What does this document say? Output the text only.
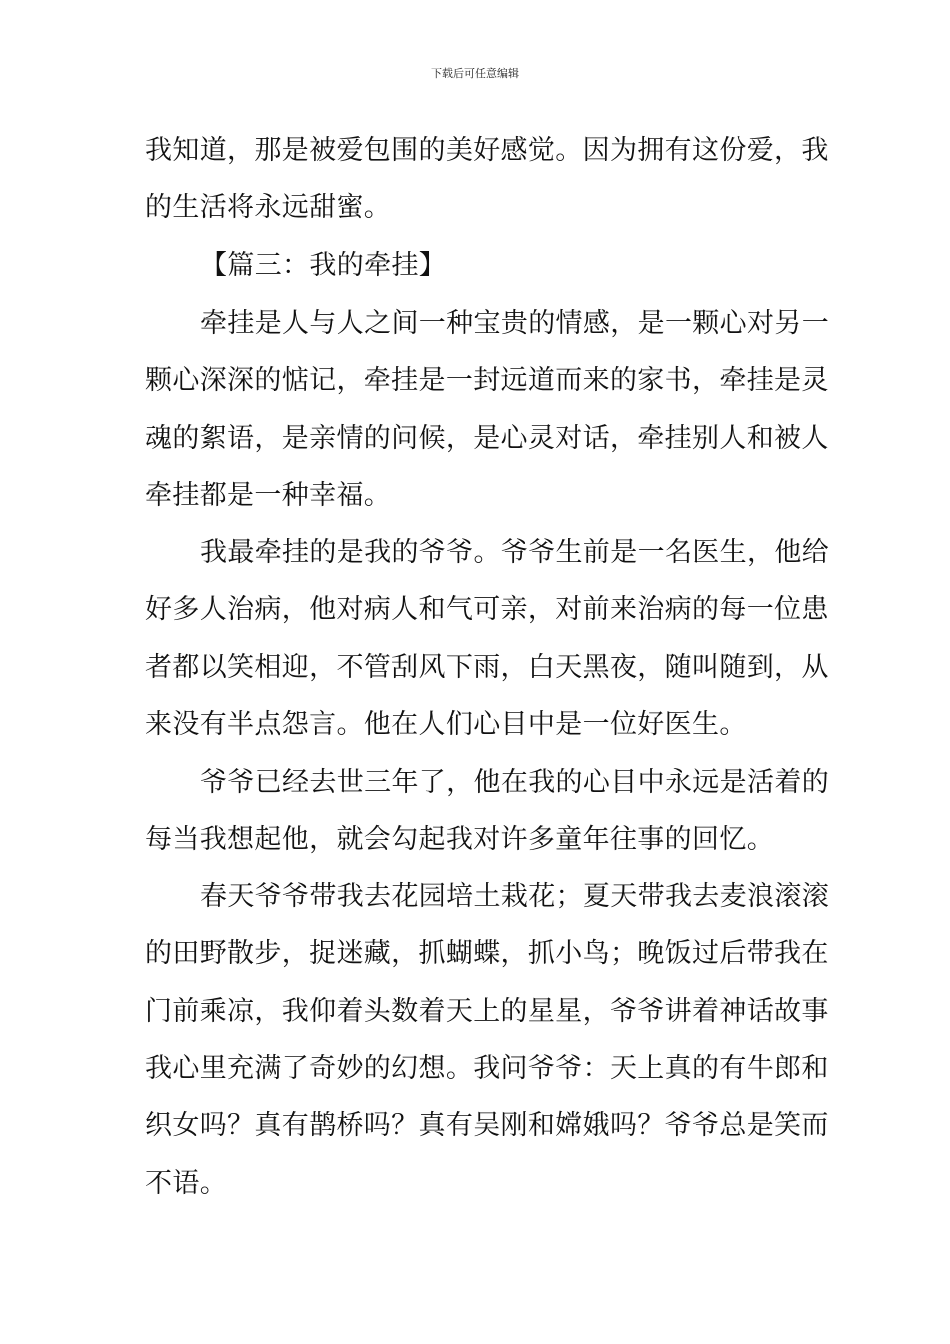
下载后可任意编辑
我知道，那是被爱包围的美好感觉。因为拥有这份爱，我
的生活将永远甜蜜。
【篇三：我的牵挂】
牵挂是人与人之间一种宝贵的情感，是一颗心对另一
颗心深深的惦记，牵挂是一封远道而来的家书，牵挂是灵
魂的絮语，是亲情的问候，是心灵对话，牵挂别人和被人
牵挂都是一种幸福。
我最牵挂的是我的爷爷。爷爷生前是一名医生，他给
好多人治病，他对病人和气可亲，对前来治病的每一位患
者都以笑相迎，不管刮风下雨，白天黑夜，随叫随到，从
来没有半点怨言。他在人们心目中是一位好医生。
爷爷已经去世三年了，他在我的心目中永远是活着的
每当我想起他，就会勾起我对许多童年往事的回忆。
春天爷爷带我去花园培土栽花；夏天带我去麦浪滚滚
的田野散步，捉迷藏，抓蝴蝶，抓小鸟；晚饭过后带我在
门前乘凉，我仰着头数着天上的星星，爷爷讲着神话故事
我心里充满了奇妙的幻想。我问爷爷：天上真的有牛郎和
织女吗？真有鹊桥吗？真有吴刚和嫦娥吗？爷爷总是笑而
不语。
